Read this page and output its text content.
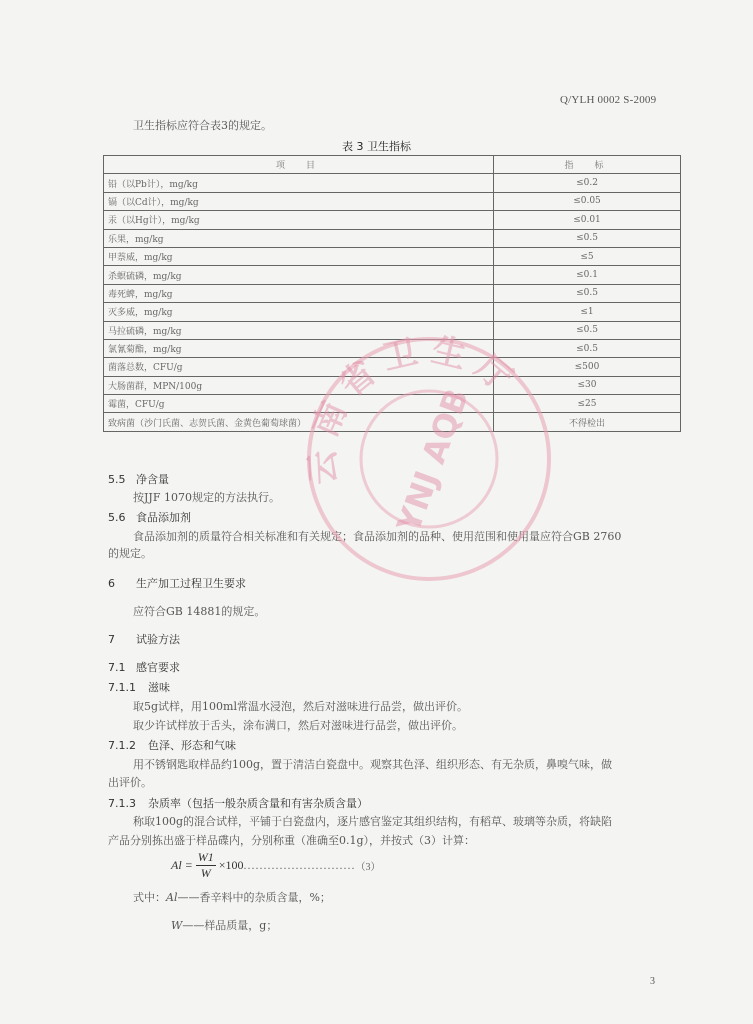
Q/YLH 0002 S-2009
卫生指标应符合表3的规定。
表 3 卫生指标
项　目	指　标
铅（以Pb计），mg/kg	≤0.2
镉（以Cd计），mg/kg	≤0.05
汞（以Hg计），mg/kg	≤0.01
乐果，mg/kg	≤0.5
甲萘威，mg/kg	≤5
杀螟硫磷，mg/kg	≤0.1
毒死蜱，mg/kg	≤0.5
灭多威，mg/kg	≤1
马拉硫磷，mg/kg	≤0.5
氯氰菊酯，mg/kg	≤0.5
菌落总数，CFU/g	≤500
大肠菌群，MPN/100g	≤30
霉菌，CFU/g	≤25
致病菌（沙门氏菌、志贺氏菌、金黄色葡萄球菌）	不得检出
5.5 净含量
按JJF 1070规定的方法执行。
5.6 食品添加剂
食品添加剂的质量符合相关标准和有关规定；食品添加剂的品种、使用范围和使用量应符合GB 2760
的规定。
6 生产加工过程卫生要求
应符合GB 14881的规定。
7 试验方法
7.1 感官要求
7.1.1 滋味
取5g试样，用100ml常温水浸泡，然后对滋味进行品尝，做出评价。
取少许试样放于舌头，涂布满口，然后对滋味进行品尝，做出评价。
7.1.2 色泽、形态和气味
用不锈钢匙取样品约100g，置于清洁白瓷盘中。观察其色泽、组织形态、有无杂质，鼻嗅气味，做
出评价。
7.1.3 杂质率（包括一般杂质含量和有害杂质含量）
称取100g的混合试样，平铺于白瓷盘内，逐片感官鉴定其组织结构，有稻草、玻璃等杂质，将缺陷
产品分别拣出盛于样品碟内，分别称重（准确至0.1g），并按式（3）计算：
$Al = \frac{W1}{W} \times 100$ ............................ （3）
式中：Al——香辛料中的杂质含量，%；
W——样品质量，g；
3
云南省卫生厅
YNJ AQB
